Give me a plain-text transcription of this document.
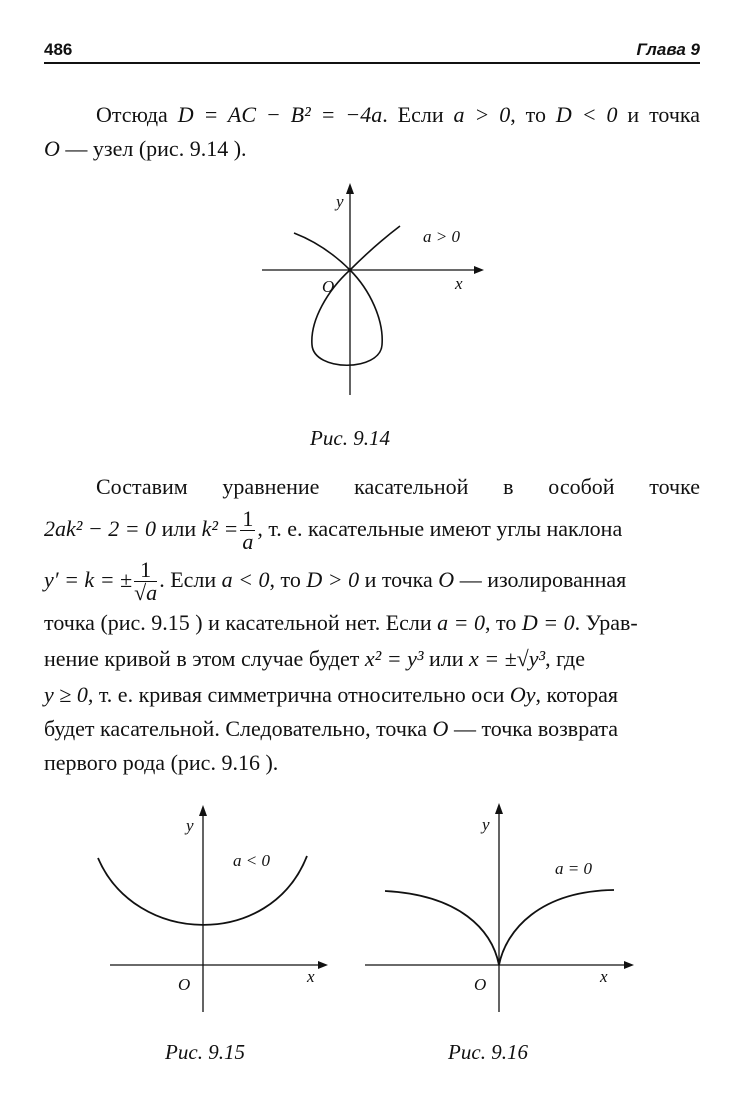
486	Глава 9
Отсюда D = AC − B² = −4a. Если a > 0, то D < 0 и точка
O — узел (рис. 9.14 ).
y
x
O
a > 0
Рис. 9.14
Составим уравнение касательной в особой точке
2ak² − 2 = 0 или $k^2 = \frac{1}{a}$ , т. е. касательные имеют углы наклона
y′ = k = ± $\frac{1}{√a}$ . Если a < 0, то D > 0 и точка O — изолированная
точка (рис. 9.15 ) и касательной нет. Если a = 0, то D = 0. Урав-
нение кривой в этом случае будет x² = y³ или x = ±√y³, где
y ≥ 0, т. е. кривая симметрична относительно оси Oy, которая
будет касательной. Следовательно, точка O — точка возврата
первого рода (рис. 9.16 ).
y
x
O
a < 0
Рис. 9.15
y
x
O
a = 0
Рис. 9.16
